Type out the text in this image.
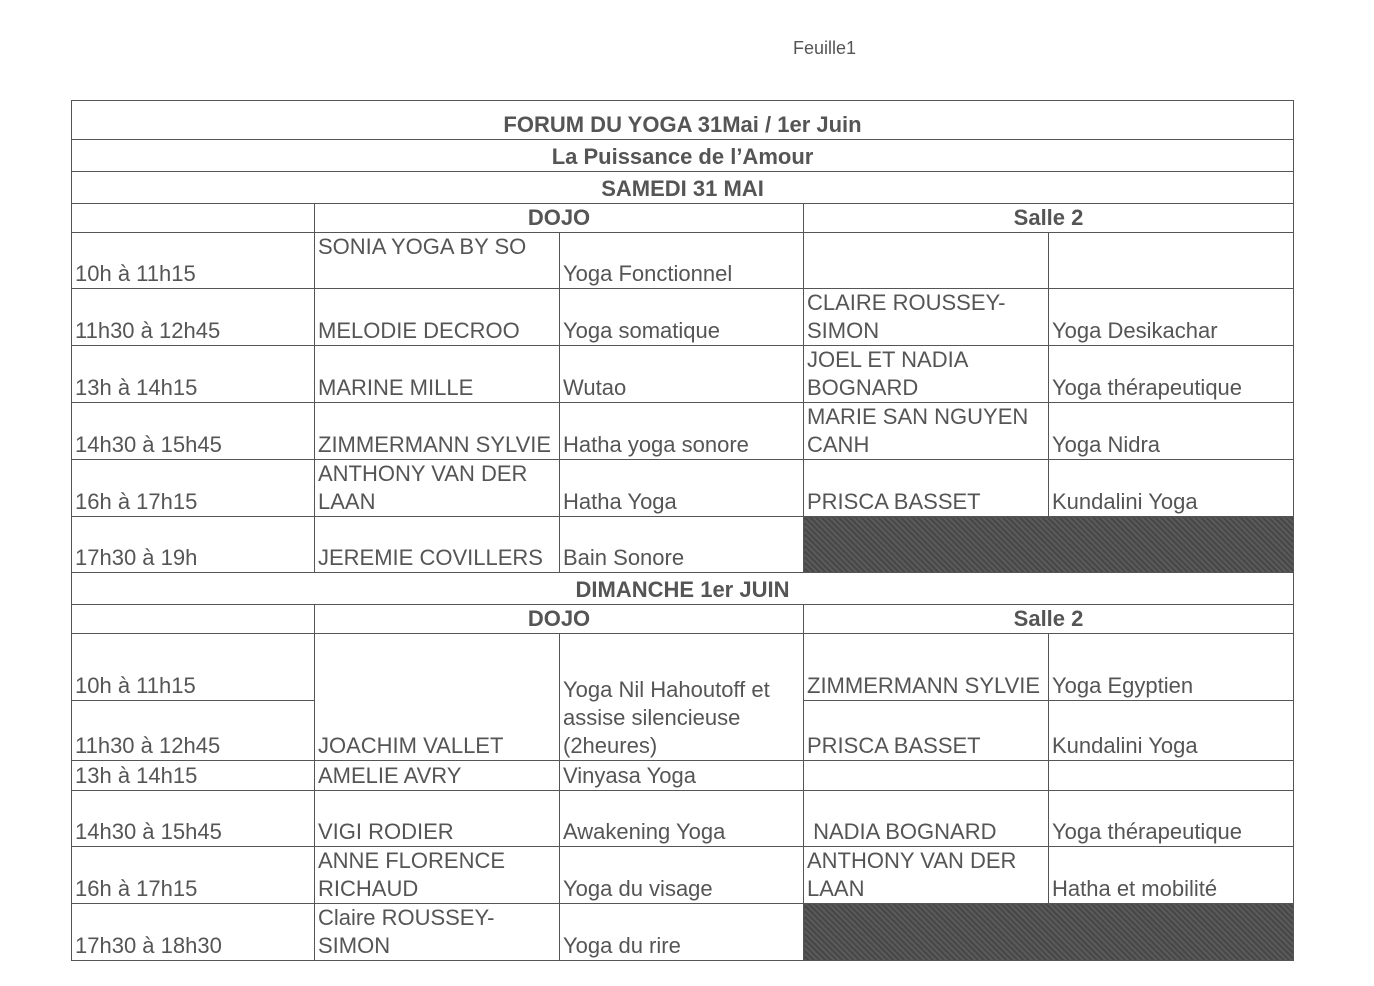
Feuille1
FORUM DU YOGA 31Mai / 1er Juin				
La Puissance de l’Amour				
SAMEDI 31 MAI				
	DOJO		Salle 2	
10h à 11h15	SONIA YOGA BY SO	Yoga Fonctionnel		
11h30 à 12h45	MELODIE DECROO	Yoga somatique	CLAIRE ROUSSEY-SIMON	Yoga Desikachar
13h à 14h15	MARINE MILLE	Wutao	JOEL ET NADIA BOGNARD	Yoga thérapeutique
14h30 à 15h45	ZIMMERMANN SYLVIE	Hatha yoga sonore	MARIE SAN NGUYEN CANH	Yoga Nidra
16h à 17h15	ANTHONY VAN DER LAAN	Hatha Yoga	PRISCA BASSET	Kundalini Yoga
17h30 à 19h	JEREMIE COVILLERS	Bain Sonore		
DIMANCHE 1er JUIN				
	DOJO		Salle 2	
10h à 11h15	JOACHIM VALLET	Yoga Nil Hahoutoff et assise silencieuse (2heures)	ZIMMERMANN SYLVIE	Yoga Egyptien
11h30 à 12h45			PRISCA BASSET	Kundalini Yoga
13h à 14h15	AMELIE AVRY	Vinyasa Yoga		
14h30 à 15h45	VIGI RODIER	Awakening Yoga	NADIA BOGNARD	Yoga thérapeutique
16h à 17h15	ANNE FLORENCE RICHAUD	Yoga du visage	ANTHONY VAN DER LAAN	Hatha et mobilité
17h30 à 18h30	Claire ROUSSEY-SIMON	Yoga du rire		
